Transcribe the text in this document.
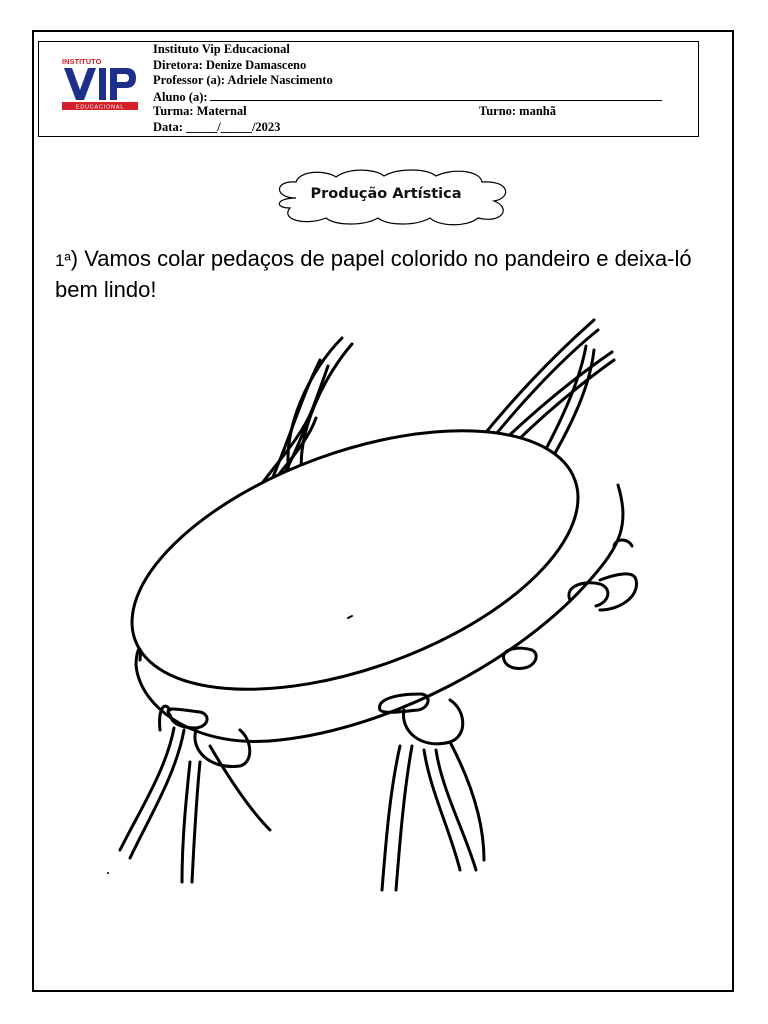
INSTITUTO
EDUCACIONAL
Instituto Vip Educacional
Diretora: Denize Damasceno
Professor (a): Adriele Nascimento
Aluno (a):
Turma: Maternal	Turno: manhã
Data: _____/_____/2023
Produção Artística
1ª) Vamos colar pedaços de papel colorido no pandeiro e deixa-ló bem lindo!
